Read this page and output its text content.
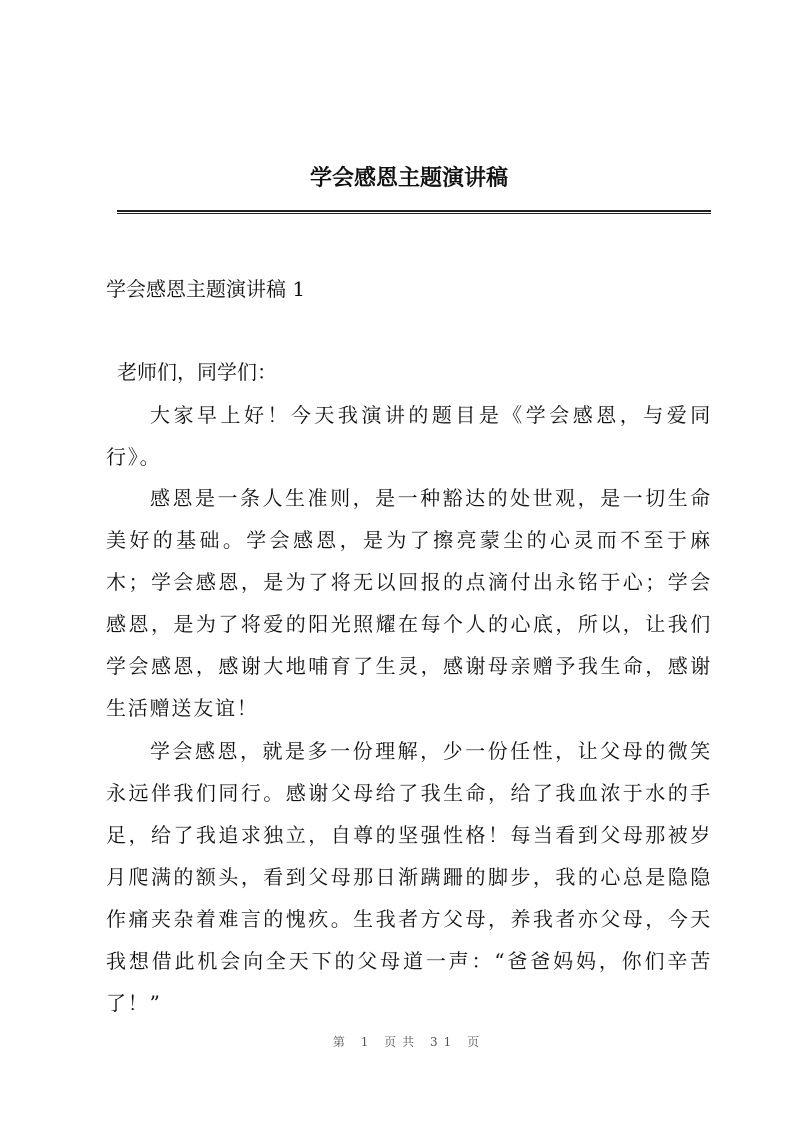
学会感恩主题演讲稿
学会感恩主题演讲稿 1

老师们，同学们：

大家早上好！今天我演讲的题目是《学会感恩，与爱同行》。

感恩是一条人生准则，是一种豁达的处世观，是一切生命美好的基础。学会感恩，是为了擦亮蒙尘的心灵而不至于麻木；学会感恩，是为了将无以回报的点滴付出永铭于心；学会感恩，是为了将爱的阳光照耀在每个人的心底，所以，让我们学会感恩，感谢大地哺育了生灵，感谢母亲赠予我生命，感谢生活赠送友谊！

学会感恩，就是多一份理解，少一份任性，让父母的微笑永远伴我们同行。感谢父母给了我生命，给了我血浓于水的手足，给了我追求独立，自尊的坚强性格！每当看到父母那被岁月爬满的额头，看到父母那日渐蹒跚的脚步，我的心总是隐隐作痛夹杂着难言的愧疚。生我者方父母，养我者亦父母，今天我想借此机会向全天下的父母道一声：“爸爸妈妈，你们辛苦了！”

第 1 页共 31 页
